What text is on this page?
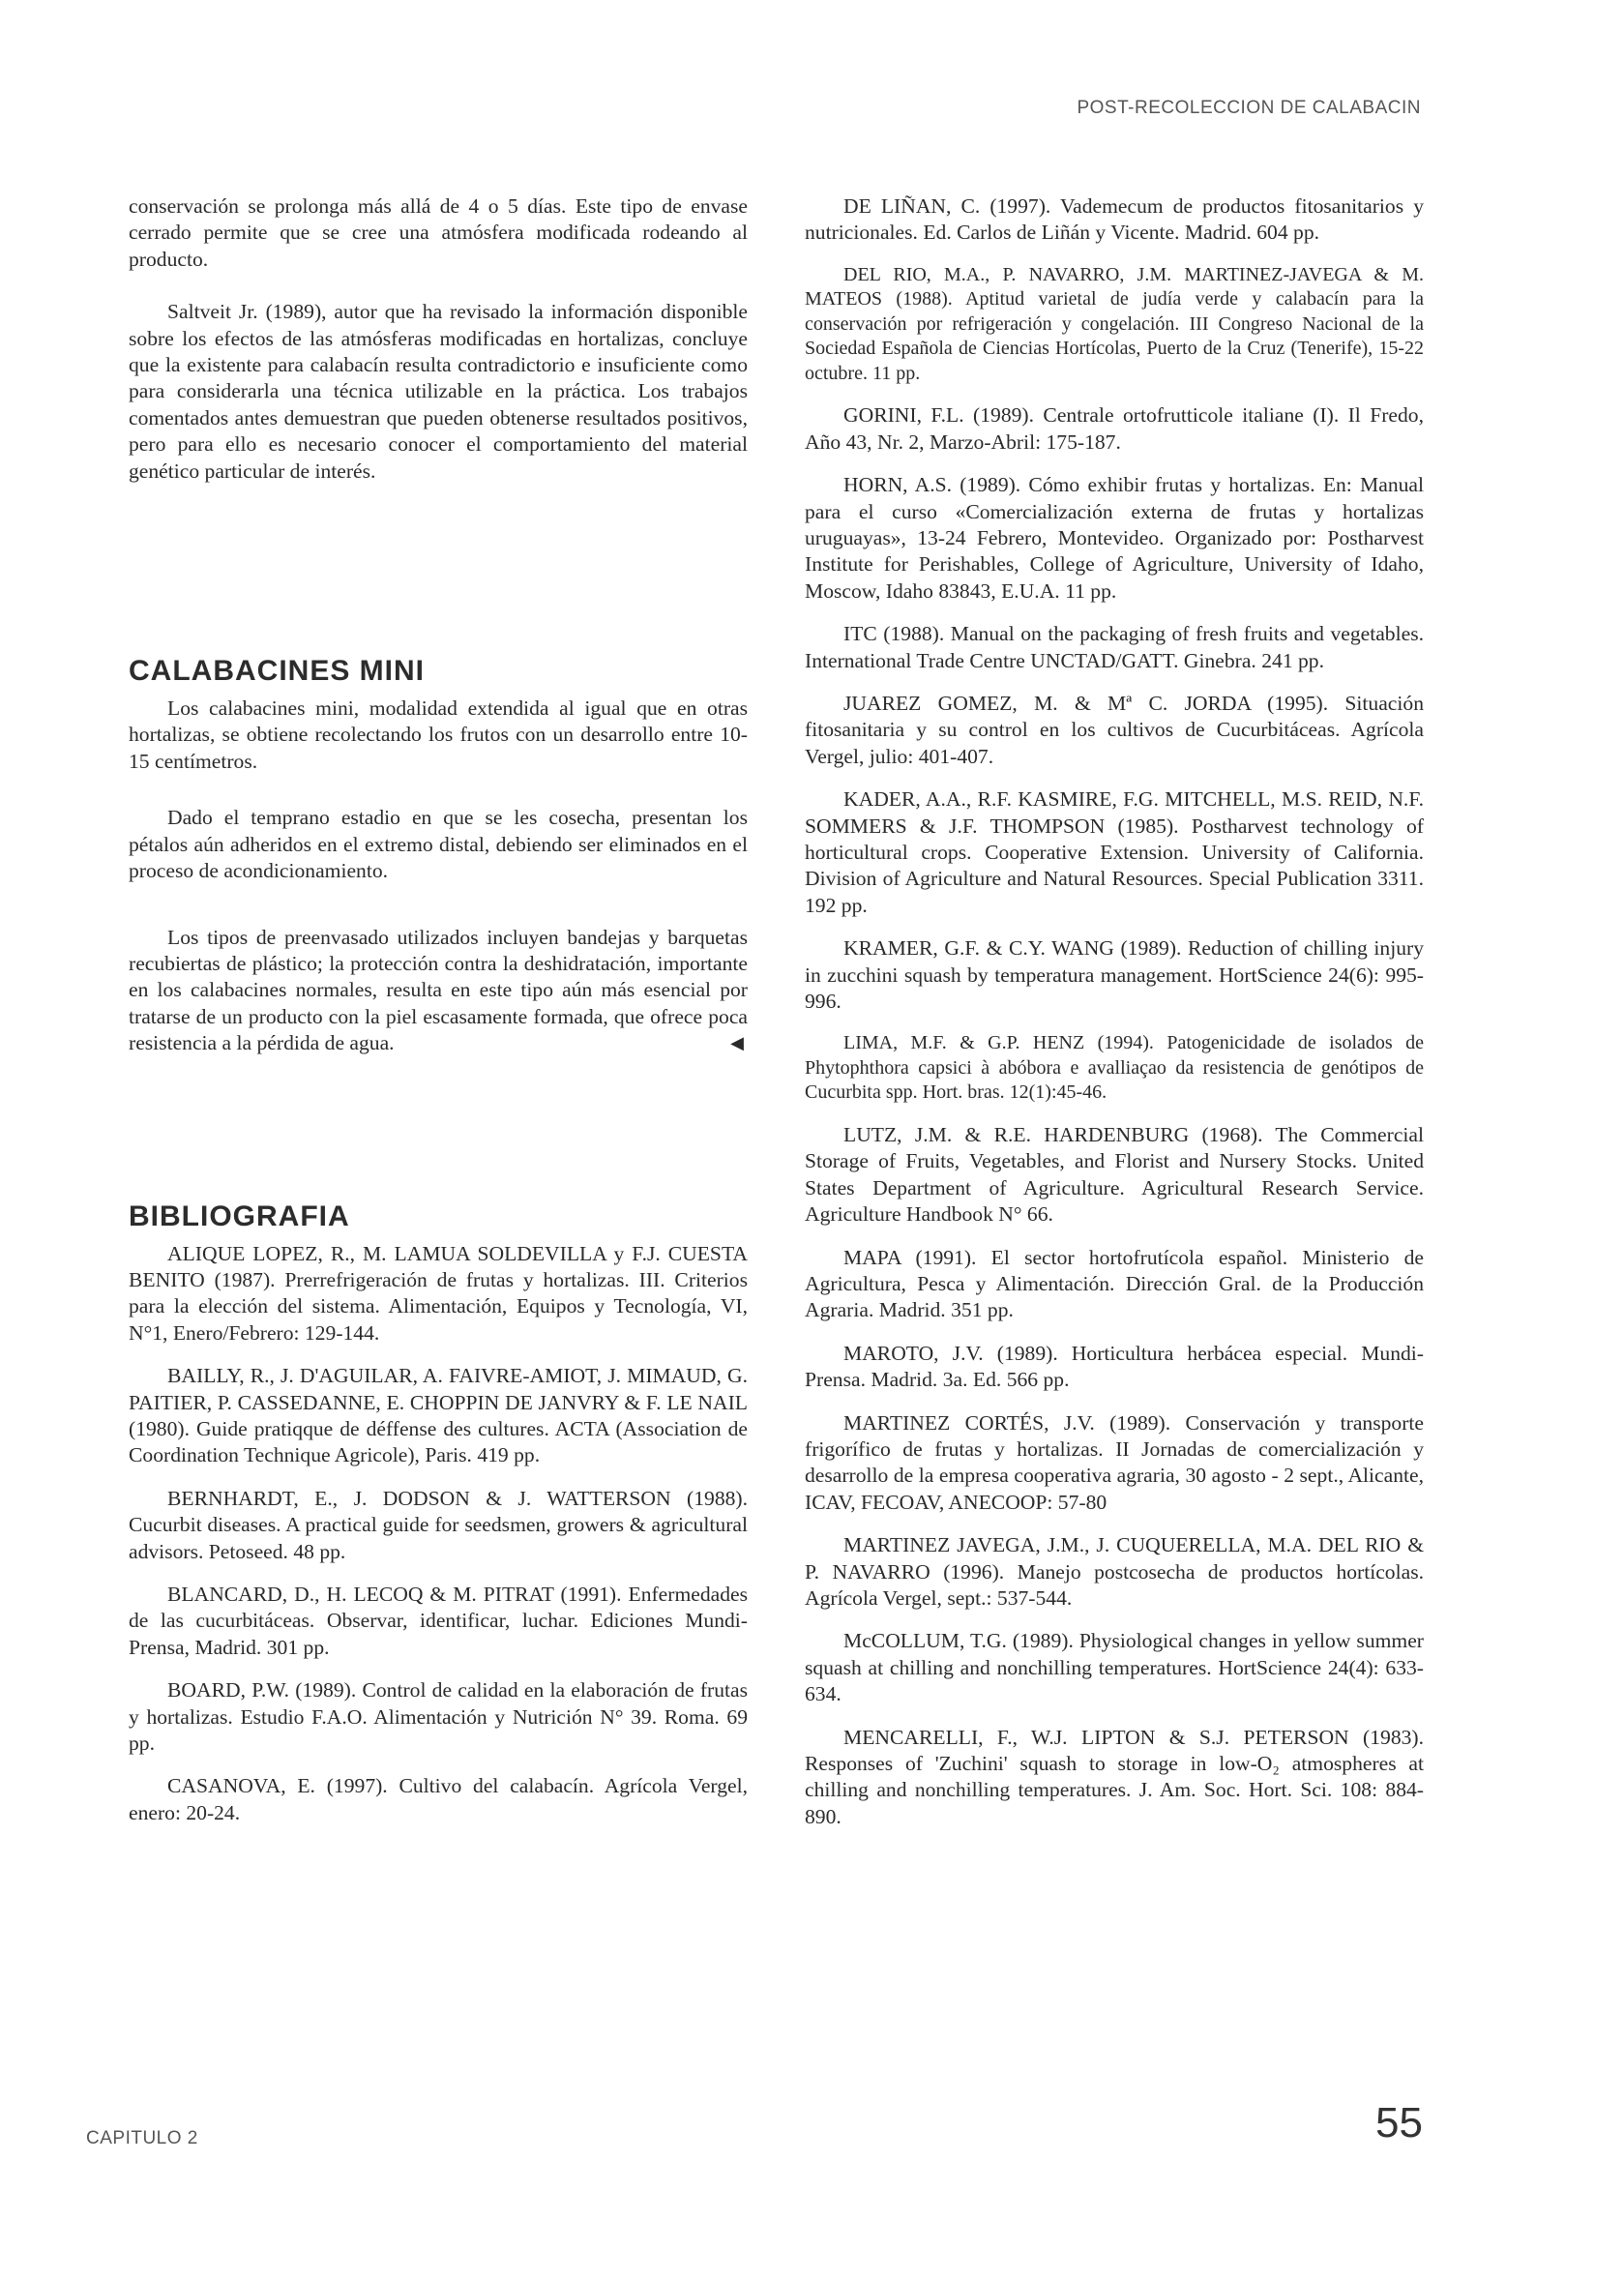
POST-RECOLECCION DE CALABACIN

conservación se prolonga más allá de 4 o 5 días. Este tipo de envase cerrado permite que se cree una atmósfera modificada rodeando al producto.

Saltveit Jr. (1989), autor que ha revisado la información disponible sobre los efectos de las atmósferas modificadas en hortalizas, concluye que la existente para calabacín resulta contradictorio e insuficiente como para considerarla una técnica utilizable en la práctica. Los trabajos comentados antes demuestran que pueden obtenerse resultados positivos, pero para ello es necesario conocer el comportamiento del material genético particular de interés.

CALABACINES MINI

Los calabacines mini, modalidad extendida al igual que en otras hortalizas, se obtiene recolectando los frutos con un desarrollo entre 10-15 centímetros.

Dado el temprano estadio en que se les cosecha, presentan los pétalos aún adheridos en el extremo distal, debiendo ser eliminados en el proceso de acondicionamiento.

Los tipos de preenvasado utilizados incluyen bandejas y barquetas recubiertas de plástico; la protección contra la deshidratación, importante en los calabacines normales, resulta en este tipo aún más esencial por tratarse de un producto con la piel escasamente formada, que ofrece poca resistencia a la pérdida de agua.	◀

BIBLIOGRAFIA

ALIQUE LOPEZ, R., M. LAMUA SOLDEVILLA y F.J. CUESTA BENITO (1987). Prerrefrigeración de frutas y hortalizas. III. Criterios para la elección del sistema. Alimentación, Equipos y Tecnología, VI, N°1, Enero/Febrero: 129-144.

BAILLY, R., J. D'AGUILAR, A. FAIVRE-AMIOT, J. MIMAUD, G. PAITIER, P. CASSEDANNE, E. CHOPPIN DE JANVRY & F. LE NAIL (1980). Guide pratiqque de déffense des cultures. ACTA (Association de Coordination Technique Agricole), Paris. 419 pp.

BERNHARDT, E., J. DODSON & J. WATTERSON (1988). Cucurbit diseases. A practical guide for seedsmen, growers & agricultural advisors. Petoseed. 48 pp.

BLANCARD, D., H. LECOQ & M. PITRAT (1991). Enfermedades de las cucurbitáceas. Observar, identificar, luchar. Ediciones Mundi-Prensa, Madrid. 301 pp.

BOARD, P.W. (1989). Control de calidad en la elaboración de frutas y hortalizas. Estudio F.A.O. Alimentación y Nutrición N° 39. Roma. 69 pp.

CASANOVA, E. (1997). Cultivo del calabacín. Agrícola Vergel, enero: 20-24.

DE LIÑAN, C. (1997). Vademecum de productos fitosanitarios y nutricionales. Ed. Carlos de Liñán y Vicente. Madrid. 604 pp.

DEL RIO, M.A., P. NAVARRO, J.M. MARTINEZ-JAVEGA & M. MATEOS (1988). Aptitud varietal de judía verde y calabacín para la conservación por refrigeración y congelación. III Congreso Nacional de la Sociedad Española de Ciencias Hortícolas, Puerto de la Cruz (Tenerife), 15-22 octubre. 11 pp.

GORINI, F.L. (1989). Centrale ortofrutticole italiane (I). Il Fredo, Año 43, Nr. 2, Marzo-Abril: 175-187.

HORN, A.S. (1989). Cómo exhibir frutas y hortalizas. En: Manual para el curso «Comercialización externa de frutas y hortalizas uruguayas», 13-24 Febrero, Montevideo. Organizado por: Postharvest Institute for Perishables, College of Agriculture, University of Idaho, Moscow, Idaho 83843, E.U.A. 11 pp.

ITC (1988). Manual on the packaging of fresh fruits and vegetables. International Trade Centre UNCTAD/GATT. Ginebra. 241 pp.

JUAREZ GOMEZ, M. & Mª C. JORDA (1995). Situación fitosanitaria y su control en los cultivos de Cucurbitáceas. Agrícola Vergel, julio: 401-407.

KADER, A.A., R.F. KASMIRE, F.G. MITCHELL, M.S. REID, N.F. SOMMERS & J.F. THOMPSON (1985). Postharvest technology of horticultural crops. Cooperative Extension. University of California. Division of Agriculture and Natural Resources. Special Publication 3311. 192 pp.

KRAMER, G.F. & C.Y. WANG (1989). Reduction of chilling injury in zucchini squash by temperatura management. HortScience 24(6): 995-996.

LIMA, M.F. & G.P. HENZ (1994). Patogenicidade de isolados de Phytophthora capsici à abóbora e avalliaçao da resistencia de genótipos de Cucurbita spp. Hort. bras. 12(1):45-46.

LUTZ, J.M. & R.E. HARDENBURG (1968). The Commercial Storage of Fruits, Vegetables, and Florist and Nursery Stocks. United States Department of Agriculture. Agricultural Research Service. Agriculture Handbook N° 66.

MAPA (1991). El sector hortofrutícola español. Ministerio de Agricultura, Pesca y Alimentación. Dirección Gral. de la Producción Agraria. Madrid. 351 pp.

MAROTO, J.V. (1989). Horticultura herbácea especial. Mundi-Prensa. Madrid. 3a. Ed. 566 pp.

MARTINEZ CORTÉS, J.V. (1989). Conservación y transporte frigorífico de frutas y hortalizas. II Jornadas de comercialización y desarrollo de la empresa cooperativa agraria, 30 agosto - 2 sept., Alicante, ICAV, FECOAV, ANECOOP: 57-80

MARTINEZ JAVEGA, J.M., J. CUQUERELLA, M.A. DEL RIO & P. NAVARRO (1996). Manejo postcosecha de productos hortícolas. Agrícola Vergel, sept.: 537-544.

McCOLLUM, T.G. (1989). Physiological changes in yellow summer squash at chilling and nonchilling temperatures. HortScience 24(4): 633-634.

MENCARELLI, F., W.J. LIPTON & S.J. PETERSON (1983). Responses of 'Zuchini' squash to storage in low-O₂ atmospheres at chilling and nonchilling temperatures. J. Am. Soc. Hort. Sci. 108: 884-890.

CAPITULO 2	55
